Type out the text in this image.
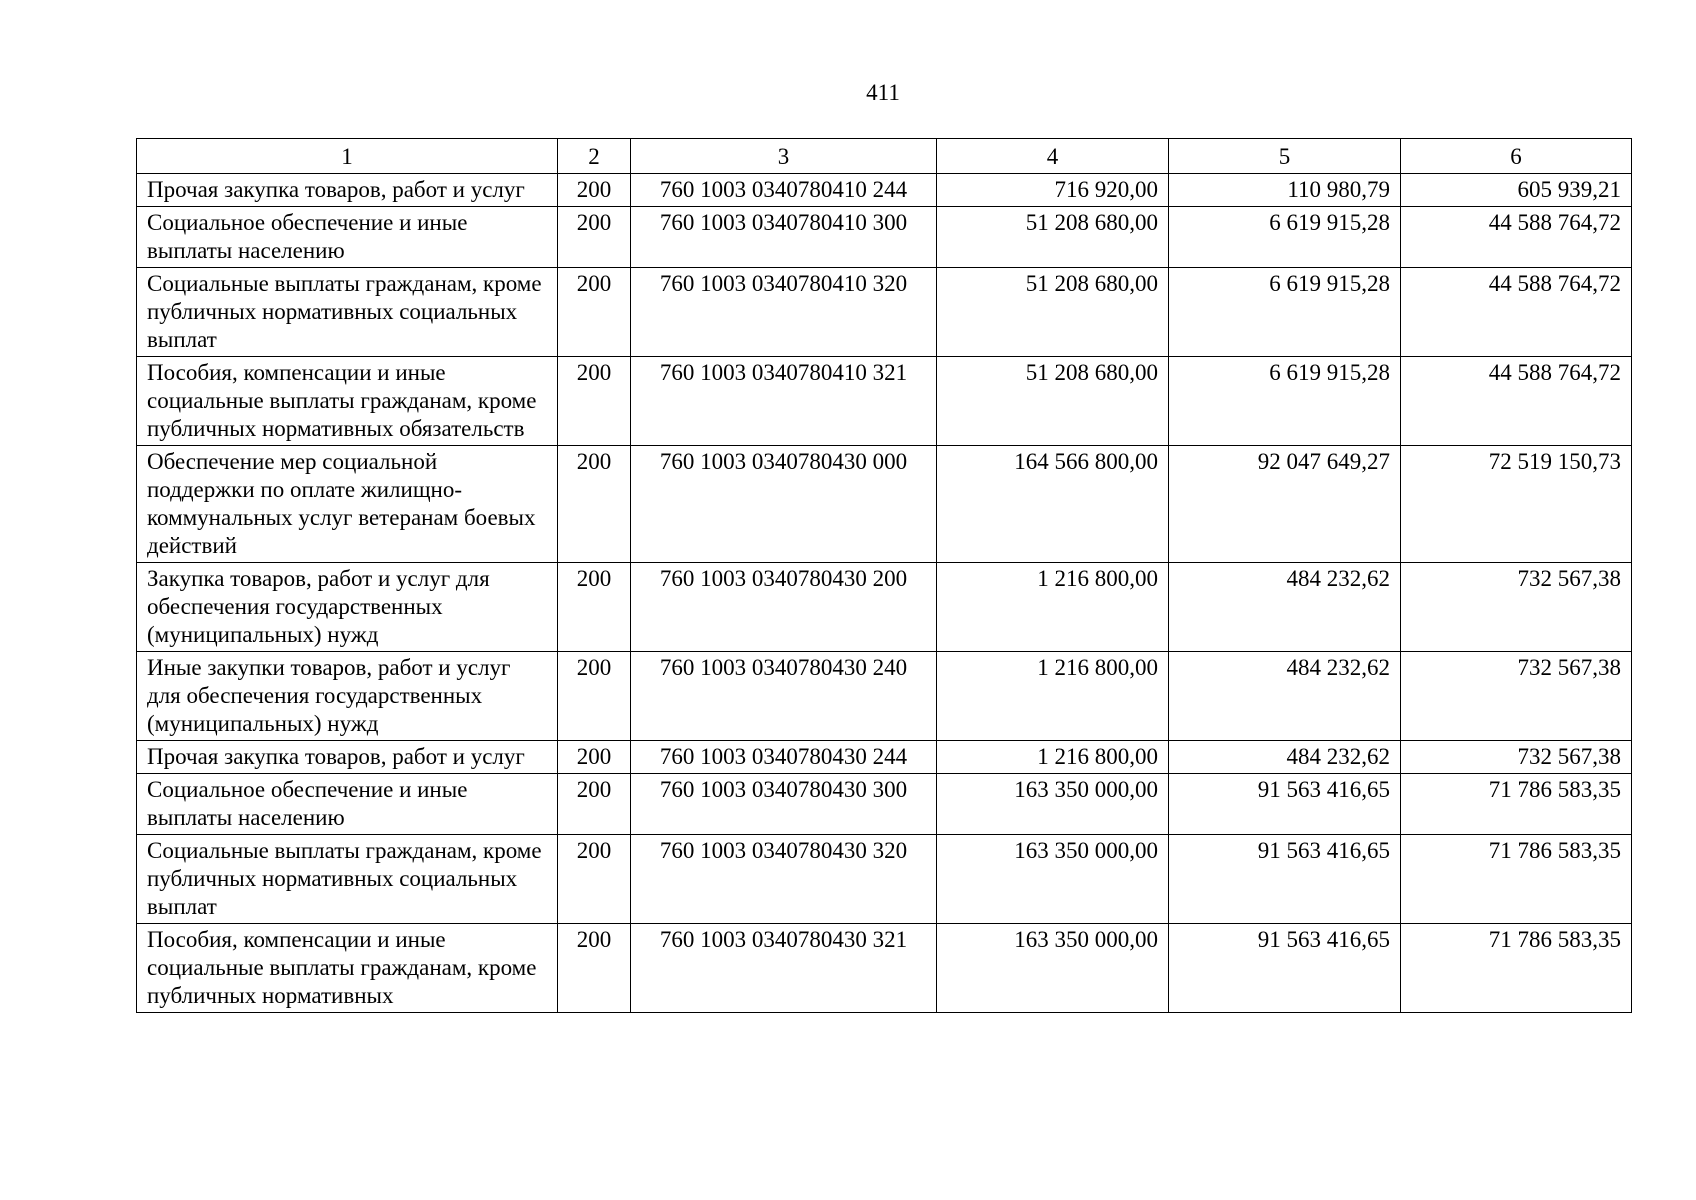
411
1	2	3	4	5	6
Прочая закупка товаров, работ и услуг	200	760 1003 0340780410 244	716 920,00	110 980,79	605 939,21
Социальное обеспечение и иные выплаты населению	200	760 1003 0340780410 300	51 208 680,00	6 619 915,28	44 588 764,72
Социальные выплаты гражданам, кроме публичных нормативных социальных выплат	200	760 1003 0340780410 320	51 208 680,00	6 619 915,28	44 588 764,72
Пособия, компенсации и иные социальные выплаты гражданам, кроме публичных нормативных обязательств	200	760 1003 0340780410 321	51 208 680,00	6 619 915,28	44 588 764,72
Обеспечение мер социальной поддержки по оплате жилищно-коммунальных услуг ветеранам боевых действий	200	760 1003 0340780430 000	164 566 800,00	92 047 649,27	72 519 150,73
Закупка товаров, работ и услуг для обеспечения государственных (муниципальных) нужд	200	760 1003 0340780430 200	1 216 800,00	484 232,62	732 567,38
Иные закупки товаров, работ и услуг для обеспечения государственных (муниципальных) нужд	200	760 1003 0340780430 240	1 216 800,00	484 232,62	732 567,38
Прочая закупка товаров, работ и услуг	200	760 1003 0340780430 244	1 216 800,00	484 232,62	732 567,38
Социальное обеспечение и иные выплаты населению	200	760 1003 0340780430 300	163 350 000,00	91 563 416,65	71 786 583,35
Социальные выплаты гражданам, кроме публичных нормативных социальных выплат	200	760 1003 0340780430 320	163 350 000,00	91 563 416,65	71 786 583,35
Пособия, компенсации и иные социальные выплаты гражданам, кроме публичных нормативных	200	760 1003 0340780430 321	163 350 000,00	91 563 416,65	71 786 583,35
